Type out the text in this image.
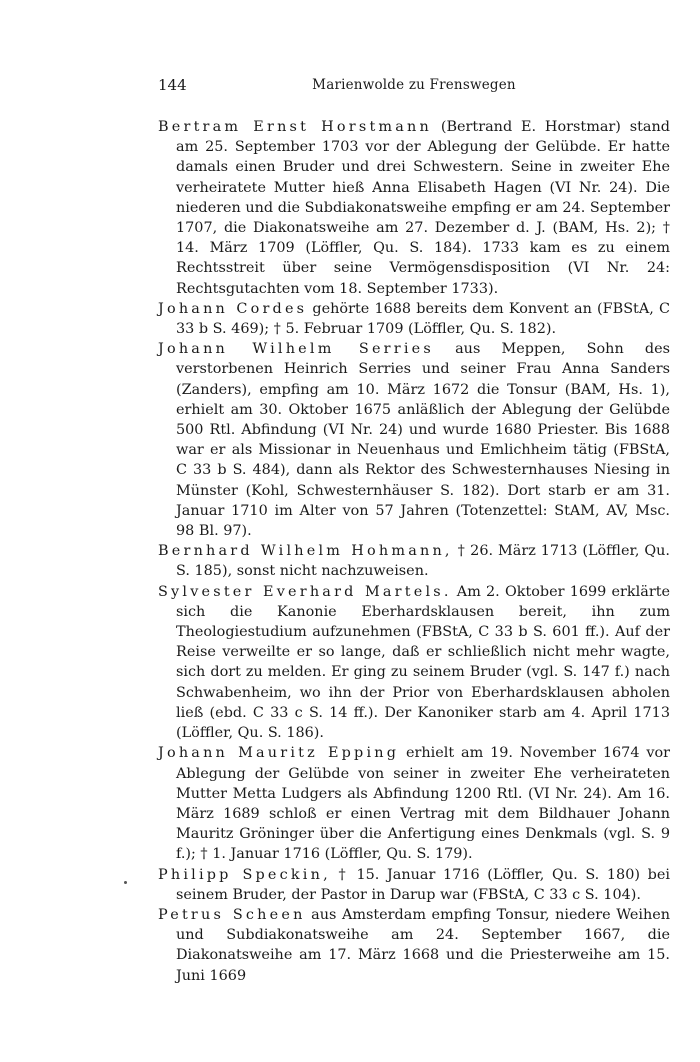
144	Marienwolde zu Frenswegen

Bertram Ernst Horstmann (Bertrand E. Horstmar) stand am 25. September 1703 vor der Ablegung der Gelübde. Er hatte damals einen Bruder und drei Schwestern. Seine in zweiter Ehe verheiratete Mutter hieß Anna Elisabeth Hagen (VI Nr. 24). Die niederen und die Subdiakonatsweihe empfing er am 24. September 1707, die Diakonatsweihe am 27. Dezember d. J. (BAM, Hs. 2); † 14. März 1709 (Löffler, Qu. S. 184). 1733 kam es zu einem Rechtsstreit über seine Vermögensdisposition (VI Nr. 24: Rechtsgutachten vom 18. September 1733).

Johann Cordes gehörte 1688 bereits dem Konvent an (FBStA, C 33 b S. 469); † 5. Februar 1709 (Löffler, Qu. S. 182).

Johann Wilhelm Serries aus Meppen, Sohn des verstorbenen Heinrich Serries und seiner Frau Anna Sanders (Zanders), empfing am 10. März 1672 die Tonsur (BAM, Hs. 1), erhielt am 30. Oktober 1675 anläßlich der Ablegung der Gelübde 500 Rtl. Abfindung (VI Nr. 24) und wurde 1680 Priester. Bis 1688 war er als Missionar in Neuenhaus und Emlichheim tätig (FBStA, C 33 b S. 484), dann als Rektor des Schwesternhauses Niesing in Münster (Kohl, Schwesternhäuser S. 182). Dort starb er am 31. Januar 1710 im Alter von 57 Jahren (Totenzettel: StAM, AV, Msc. 98 Bl. 97).

Bernhard Wilhelm Hohmann, † 26. März 1713 (Löffler, Qu. S. 185), sonst nicht nachzuweisen.

Sylvester Everhard Martels. Am 2. Oktober 1699 erklärte sich die Kanonie Eberhardsklausen bereit, ihn zum Theologiestudium aufzunehmen (FBStA, C 33 b S. 601 ff.). Auf der Reise verweilte er so lange, daß er schließlich nicht mehr wagte, sich dort zu melden. Er ging zu seinem Bruder (vgl. S. 147 f.) nach Schwabenheim, wo ihn der Prior von Eberhardsklausen abholen ließ (ebd. C 33 c S. 14 ff.). Der Kanoniker starb am 4. April 1713 (Löffler, Qu. S. 186).

Johann Mauritz Epping erhielt am 19. November 1674 vor Ablegung der Gelübde von seiner in zweiter Ehe verheirateten Mutter Metta Ludgers als Abfindung 1200 Rtl. (VI Nr. 24). Am 16. März 1689 schloß er einen Vertrag mit dem Bildhauer Johann Mauritz Gröninger über die Anfertigung eines Denkmals (vgl. S. 9 f.); † 1. Januar 1716 (Löffler, Qu. S. 179).

Philipp Speckin, † 15. Januar 1716 (Löffler, Qu. S. 180) bei seinem Bruder, der Pastor in Darup war (FBStA, C 33 c S. 104).

Petrus Scheen aus Amsterdam empfing Tonsur, niedere Weihen und Subdiakonatsweihe am 24. September 1667, die Diakonatsweihe am 17. März 1668 und die Priesterweihe am 15. Juni 1669
